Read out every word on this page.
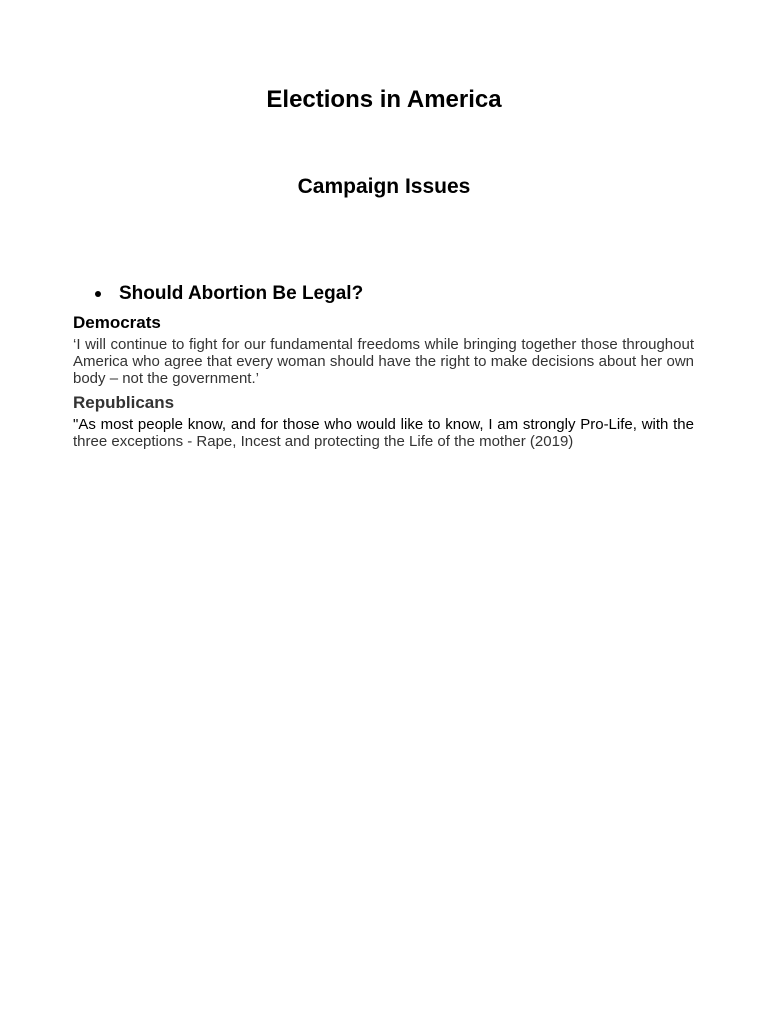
Elections in America
Campaign Issues
Should Abortion Be Legal?
Democrats

‘I will continue to fight for our fundamental freedoms while bringing together those throughout America who agree that every woman should have the right to make decisions about her own body – not the government.’

Republicans

"As most people know, and for those who would like to know, I am strongly Pro-Life, with the three exceptions - Rape, Incest and protecting the Life of the mother (2019)
